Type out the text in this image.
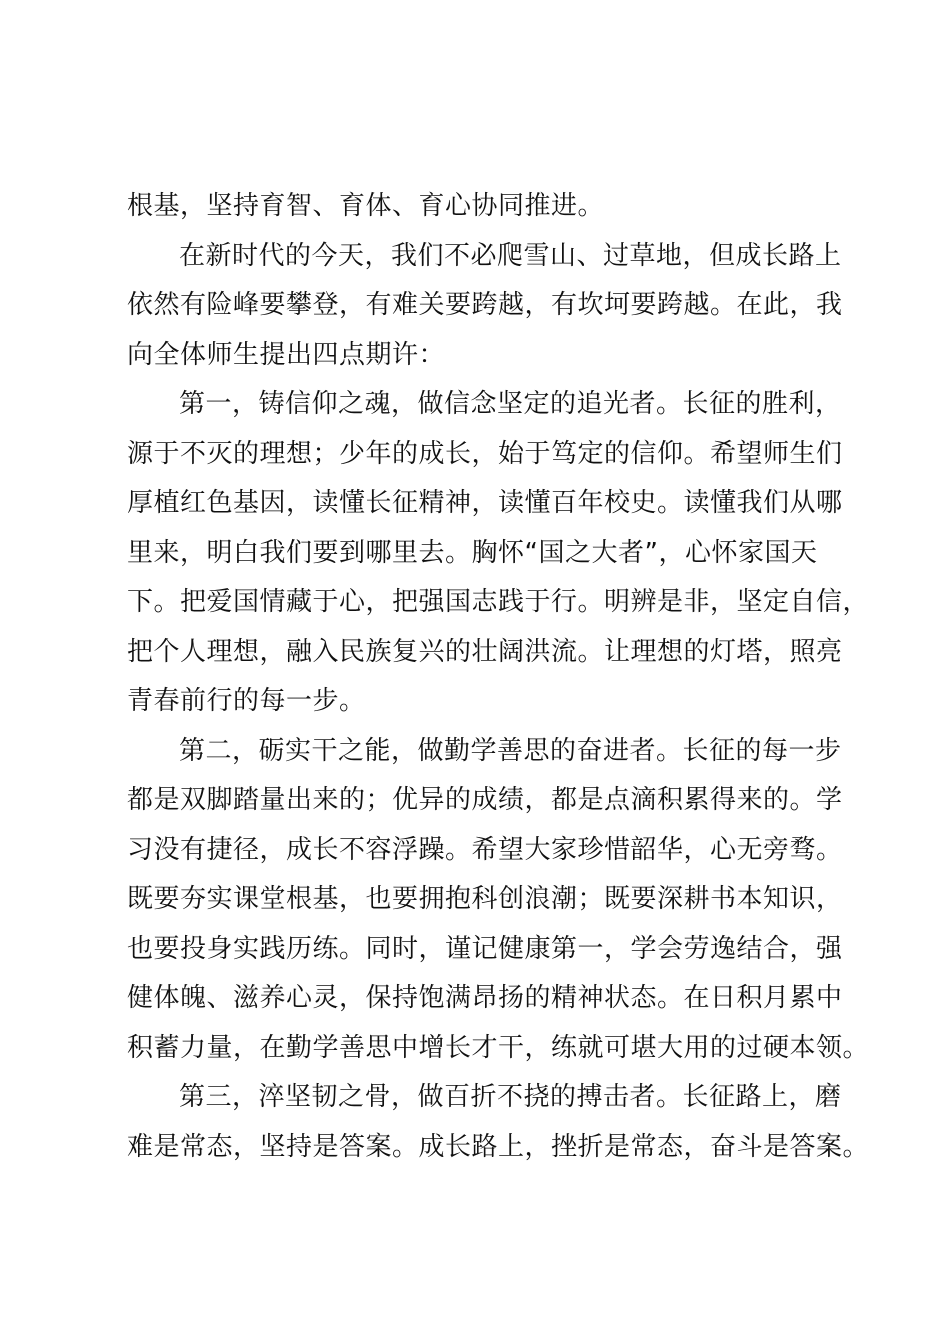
根基，坚持育智、育体、育心协同推进。
在新时代的今天，我们不必爬雪山、过草地，但成长路上
依然有险峰要攀登，有难关要跨越，有坎坷要跨越。在此，我
向全体师生提出四点期许：
第一，铸信仰之魂，做信念坚定的追光者。长征的胜利，
源于不灭的理想；少年的成长，始于笃定的信仰。希望师生们
厚植红色基因，读懂长征精神，读懂百年校史。读懂我们从哪
里来，明白我们要到哪里去。胸怀“国之大者”，心怀家国天
下。把爱国情藏于心，把强国志践于行。明辨是非，坚定自信，
把个人理想，融入民族复兴的壮阔洪流。让理想的灯塔，照亮
青春前行的每一步。
第二，砺实干之能，做勤学善思的奋进者。长征的每一步
都是双脚踏量出来的；优异的成绩，都是点滴积累得来的。学
习没有捷径，成长不容浮躁。希望大家珍惜韶华，心无旁骛。
既要夯实课堂根基，也要拥抱科创浪潮；既要深耕书本知识，
也要投身实践历练。同时，谨记健康第一，学会劳逸结合，强
健体魄、滋养心灵，保持饱满昂扬的精神状态。在日积月累中
积蓄力量，在勤学善思中增长才干，练就可堪大用的过硬本领。
第三，淬坚韧之骨，做百折不挠的搏击者。长征路上，磨
难是常态，坚持是答案。成长路上，挫折是常态，奋斗是答案。
